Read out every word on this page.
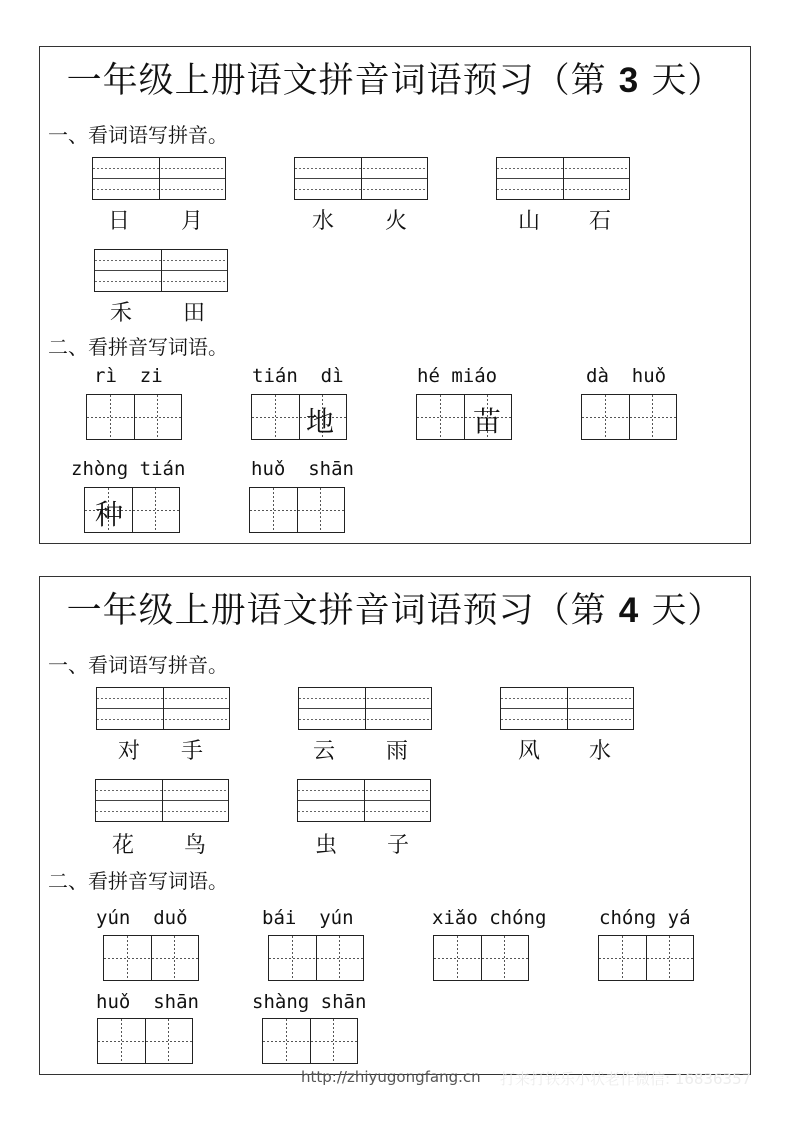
一年级上册语文拼音词语预习（第 3 天）
一、看词语写拼音。
日 月	水 火	山 石
禾 田
二、看拼音写词语。
rì  zi	tián  dì
地
hé miáo
苗
dà  huǒ
zhòng tián
种
huǒ  shān
一年级上册语文拼音词语预习（第 4 天）
一、看词语写拼音。
对 手	云 雨	风 水
花 鸟	虫 子
二、看拼音写词语。
yún  duǒ	bái  yún	xiǎo chóng	chóng yá
huǒ  shān	shàng shān
http://zhiyugongfang.cn 打来打铁乐小状老作微信: 16836357
